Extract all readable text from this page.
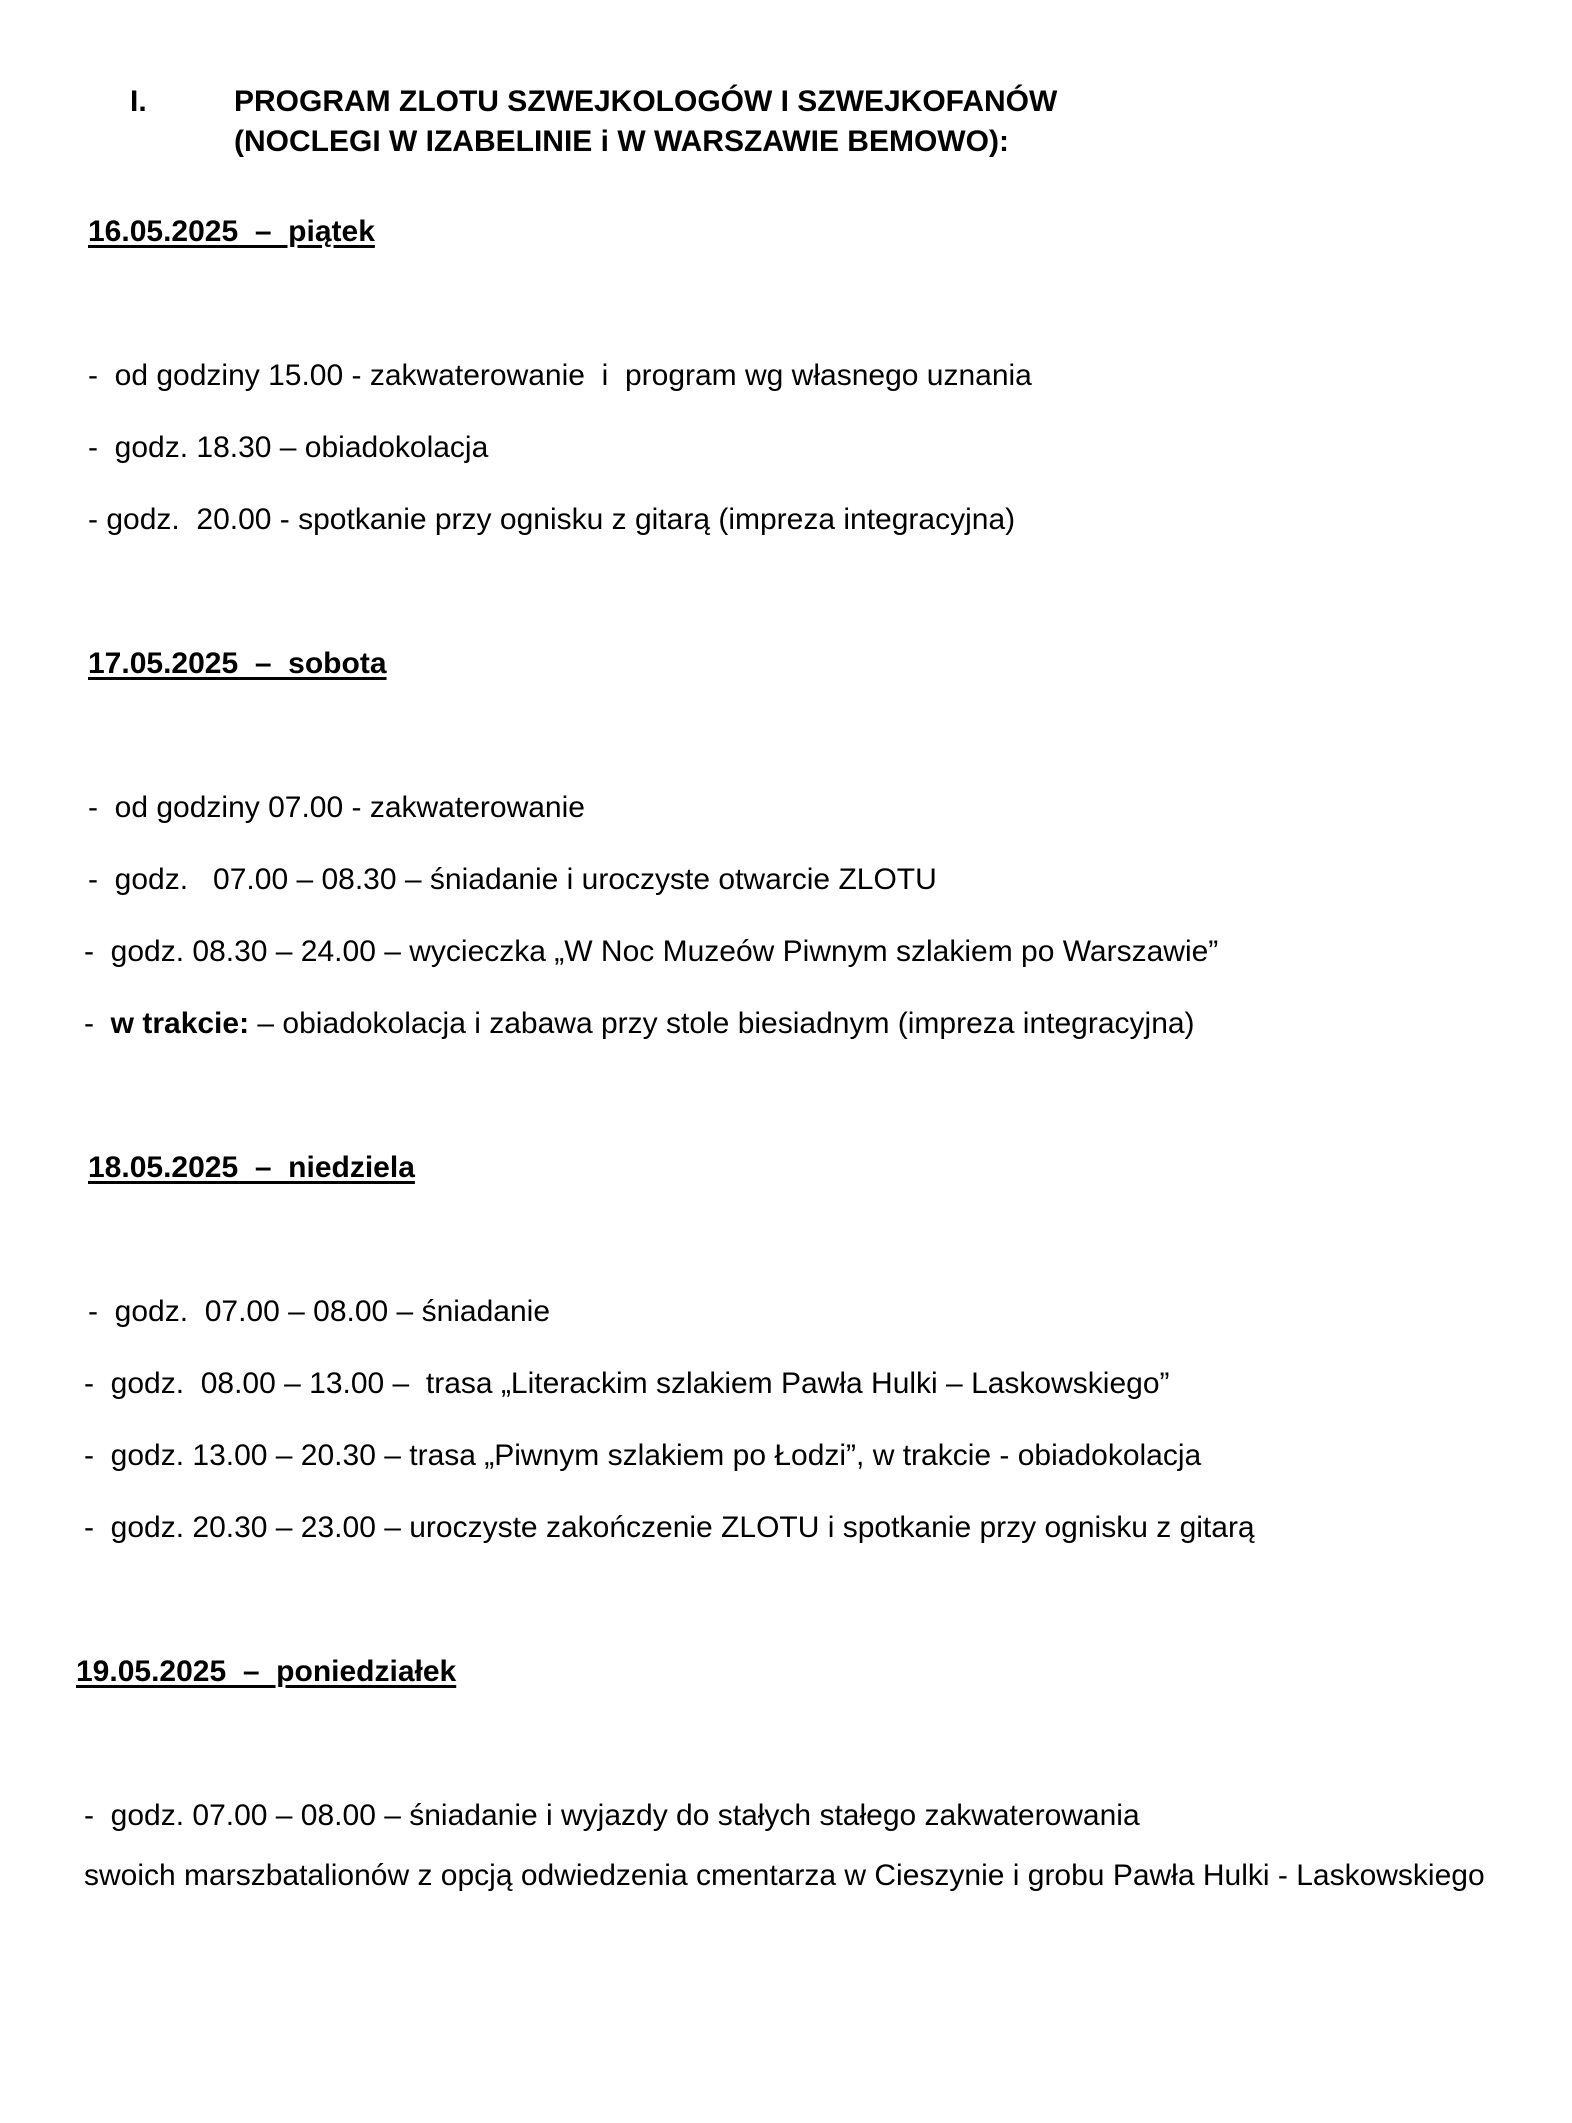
I.	PROGRAM ZLOTU SZWEJKOLOGÓW I SZWEJKOFANÓW
(NOCLEGI W IZABELINIE i W WARSZAWIE BEMOWO):
16.05.2025  –  piątek
-  od godziny 15.00 - zakwaterowanie  i  program wg własnego uznania
-  godz. 18.30 – obiadokolacja
- godz.  20.00 - spotkanie przy ognisku z gitarą (impreza integracyjna)
17.05.2025  –  sobota
-  od godziny 07.00 - zakwaterowanie
-  godz.   07.00 – 08.30 – śniadanie i uroczyste otwarcie ZLOTU
-  godz. 08.30 – 24.00 – wycieczka „W Noc Muzeów Piwnym szlakiem po Warszawie”
-  w trakcie: – obiadokolacja i zabawa przy stole biesiadnym (impreza integracyjna)
18.05.2025  –  niedziela
-  godz.  07.00 – 08.00 – śniadanie
-  godz.  08.00 – 13.00 –  trasa „Literackim szlakiem Pawła Hulki – Laskowskiego”
-  godz. 13.00 – 20.30 – trasa „Piwnym szlakiem po Łodzi”, w trakcie - obiadokolacja
-  godz. 20.30 – 23.00 – uroczyste zakończenie ZLOTU i spotkanie przy ognisku z gitarą
19.05.2025  –  poniedziałek
-  godz. 07.00 – 08.00 – śniadanie i wyjazdy do stałych stałego zakwaterowania
swoich marszbatalionów z opcją odwiedzenia cmentarza w Cieszynie i grobu Pawła Hulki - Laskowskiego
